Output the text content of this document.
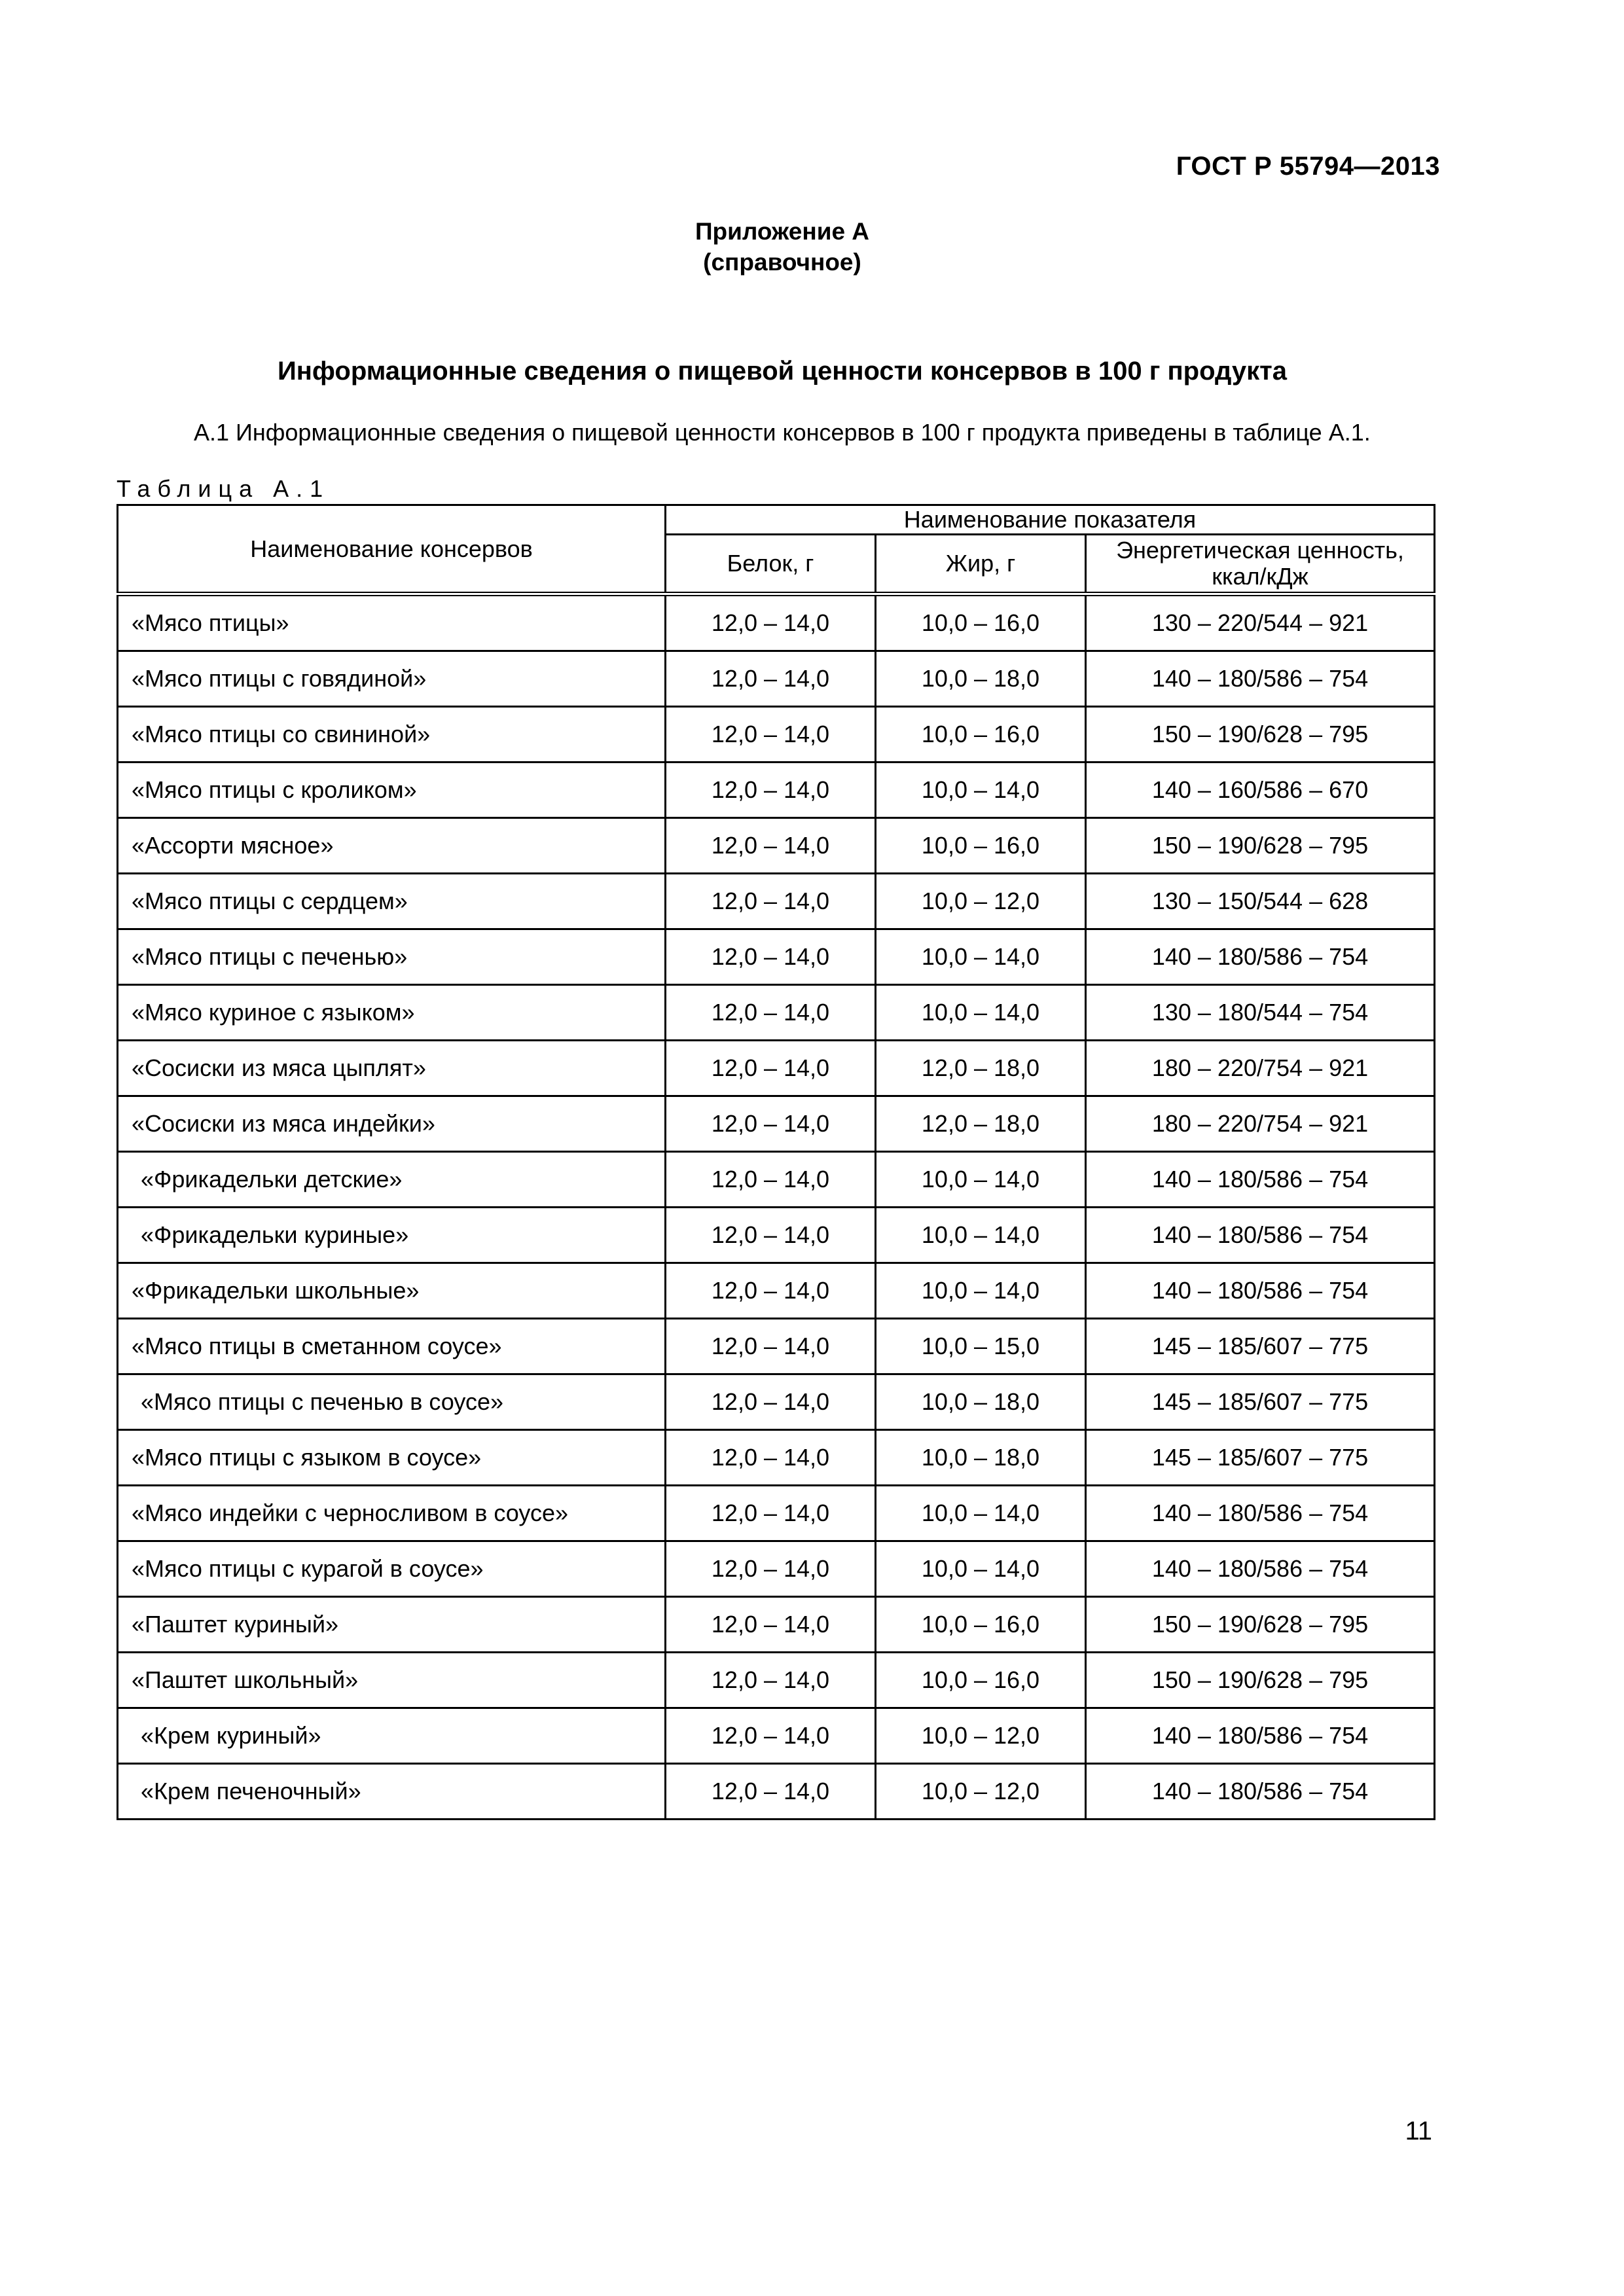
ГОСТ Р 55794—2013
Приложение А
(справочное)
Информационные сведения о пищевой ценности консервов в 100 г продукта
А.1 Информационные сведения о пищевой ценности консервов в 100 г продукта приведены в таблице А.1.
Таблица А.1
Наименование консервов	Наименование показателя		
	Белок, г	Жир, г	Энергетическая ценность, ккал/кДж
«Мясо птицы»	12,0 – 14,0	10,0 – 16,0	130 – 220/544 – 921
«Мясо птицы с говядиной»	12,0 – 14,0	10,0 – 18,0	140 – 180/586 – 754
«Мясо птицы со свининой»	12,0 – 14,0	10,0 – 16,0	150 – 190/628 – 795
«Мясо птицы с кроликом»	12,0 – 14,0	10,0 – 14,0	140 – 160/586 – 670
«Ассорти мясное»	12,0 – 14,0	10,0 – 16,0	150 – 190/628 – 795
«Мясо птицы с сердцем»	12,0 – 14,0	10,0 – 12,0	130 – 150/544 – 628
«Мясо птицы с печенью»	12,0 – 14,0	10,0 – 14,0	140 – 180/586 – 754
«Мясо куриное с языком»	12,0 – 14,0	10,0 – 14,0	130 – 180/544 – 754
«Сосиски из мяса цыплят»	12,0 – 14,0	12,0 – 18,0	180 – 220/754 – 921
«Сосиски из мяса индейки»	12,0 – 14,0	12,0 – 18,0	180 – 220/754 – 921
«Фрикадельки детские»	12,0 – 14,0	10,0 – 14,0	140 – 180/586 – 754
«Фрикадельки куриные»	12,0 – 14,0	10,0 – 14,0	140 – 180/586 – 754
«Фрикадельки школьные»	12,0 – 14,0	10,0 – 14,0	140 – 180/586 – 754
«Мясо птицы в сметанном соусе»	12,0 – 14,0	10,0 – 15,0	145 – 185/607 – 775
«Мясо птицы с печенью в соусе»	12,0 – 14,0	10,0 – 18,0	145 – 185/607 – 775
«Мясо птицы с языком в соусе»	12,0 – 14,0	10,0 – 18,0	145 – 185/607 – 775
«Мясо индейки с черносливом в соусе»	12,0 – 14,0	10,0 – 14,0	140 – 180/586 – 754
«Мясо птицы с курагой в соусе»	12,0 – 14,0	10,0 – 14,0	140 – 180/586 – 754
«Паштет куриный»	12,0 – 14,0	10,0 – 16,0	150 – 190/628 – 795
«Паштет школьный»	12,0 – 14,0	10,0 – 16,0	150 – 190/628 – 795
«Крем куриный»	12,0 – 14,0	10,0 – 12,0	140 – 180/586 – 754
«Крем печеночный»	12,0 – 14,0	10,0 – 12,0	140 – 180/586 – 754
11
